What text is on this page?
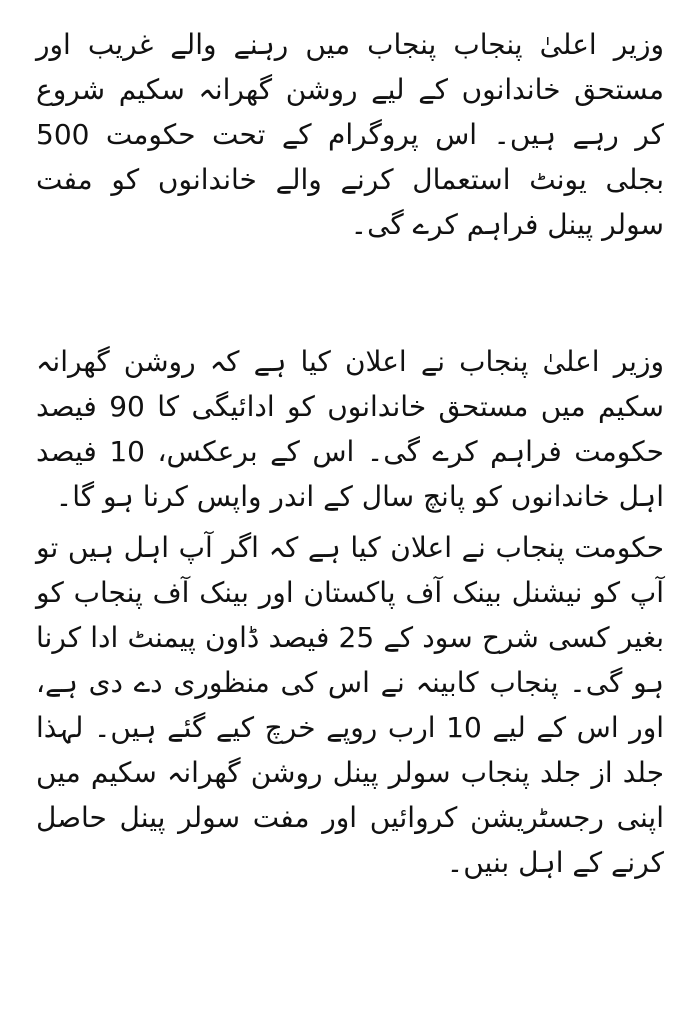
وزیر اعلیٰ پنجاب پنجاب میں رہنے والے غریب اور مستحق خاندانوں کے لیے روشن گھرانہ سکیم شروع کر رہے ہیں۔ اس پروگرام کے تحت حکومت 500 بجلی یونٹ استعمال کرنے والے خاندانوں کو مفت سولر پینل فراہم کرے گی۔

وزیر اعلیٰ پنجاب نے اعلان کیا ہے کہ روشن گھرانہ سکیم میں مستحق خاندانوں کو ادائیگی کا 90 فیصد حکومت فراہم کرے گی۔ اس کے برعکس، 10 فیصد اہل خاندانوں کو پانچ سال کے اندر واپس کرنا ہو گا۔

حکومت پنجاب نے اعلان کیا ہے کہ اگر آپ اہل ہیں تو آپ کو نیشنل بینک آف پاکستان اور بینک آف پنجاب کو بغیر کسی شرح سود کے 25 فیصد ڈاون پیمنٹ ادا کرنا ہو گی۔ پنجاب کابینہ نے اس کی منظوری دے دی ہے، اور اس کے لیے 10 ارب روپے خرچ کیے گئے ہیں۔ لہذا جلد از جلد پنجاب سولر پینل روشن گھرانہ سکیم میں اپنی رجسٹریشن کروائیں اور مفت سولر پینل حاصل کرنے کے اہل بنیں۔
